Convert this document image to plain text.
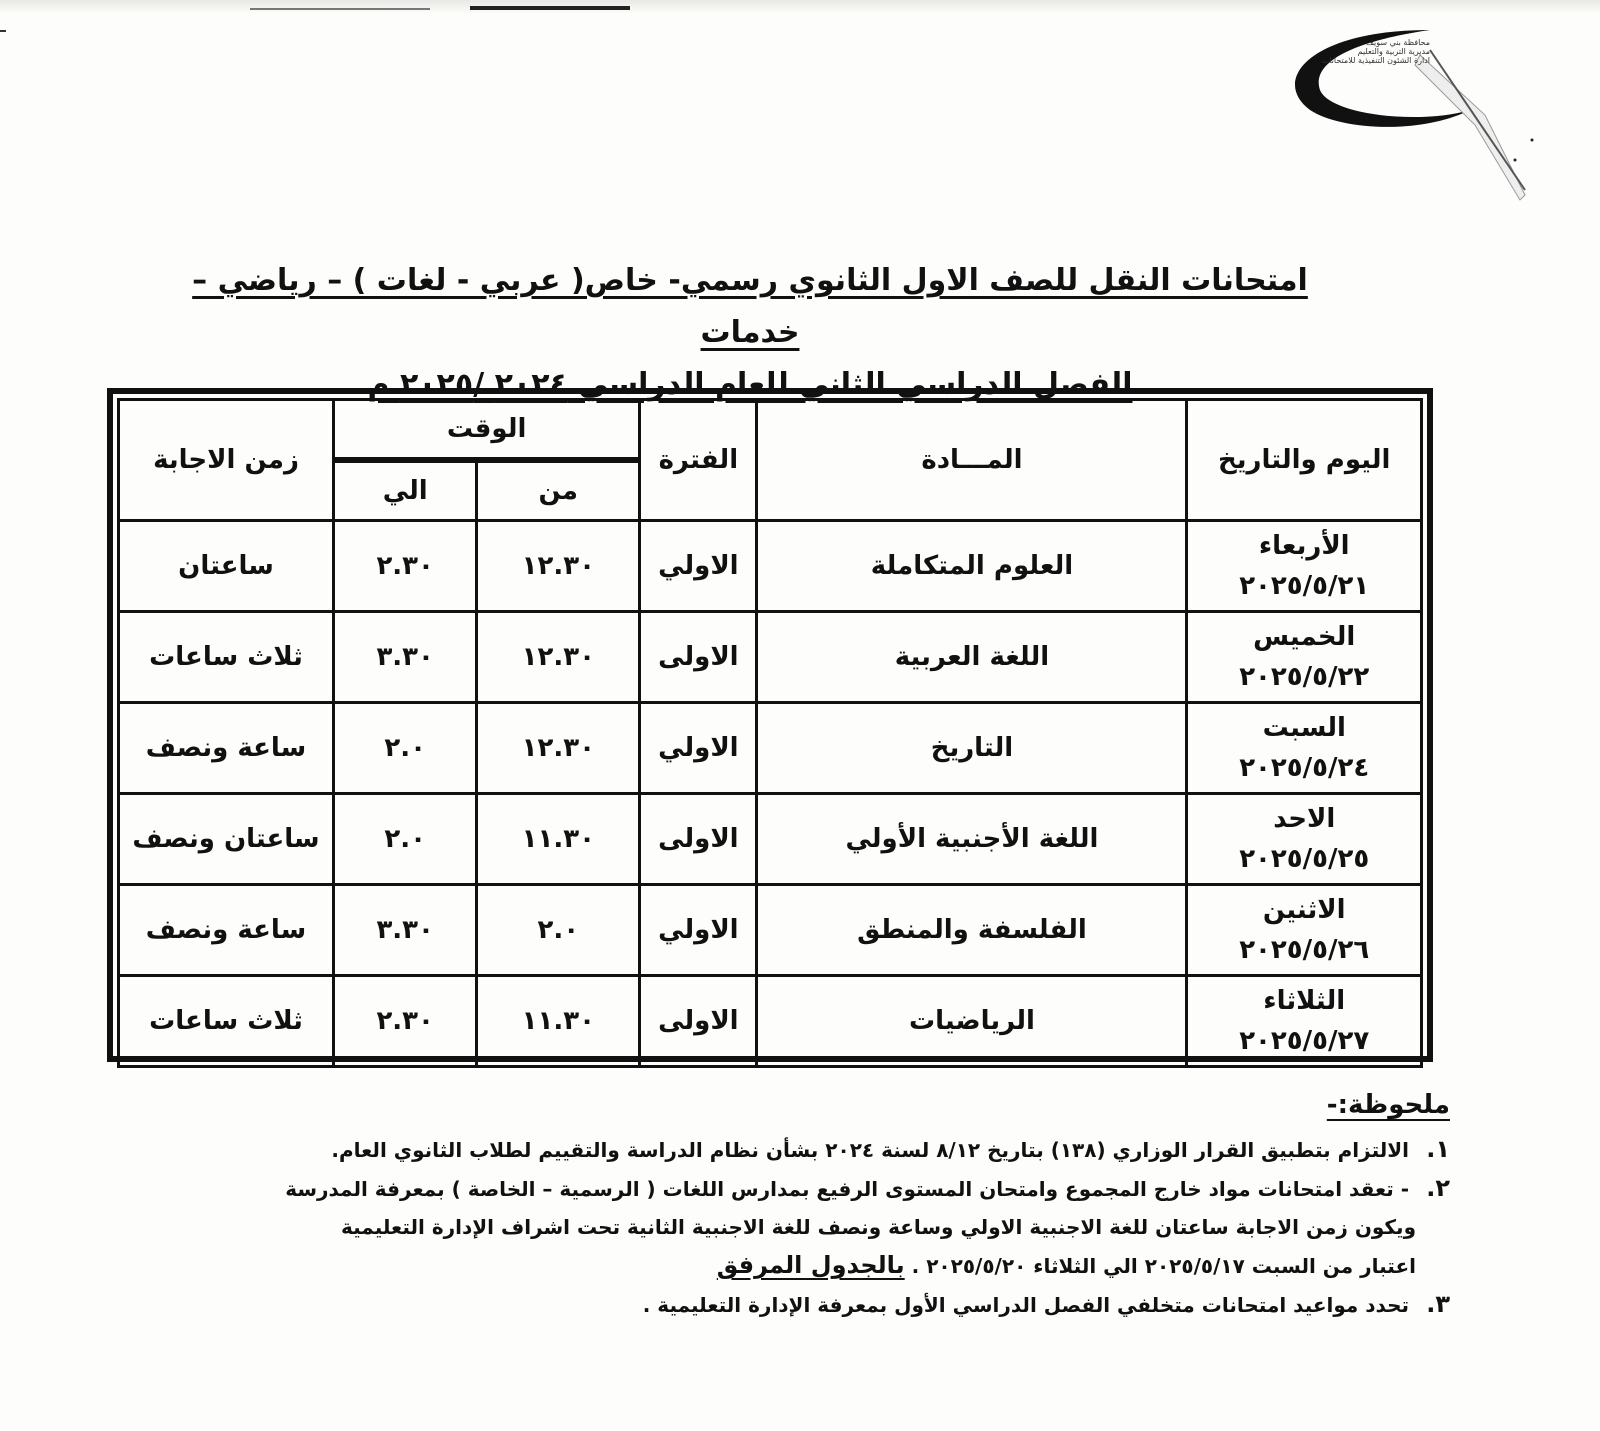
محافظة بني سويف
مديرية التربية والتعليم
ادارة الشئون التنفيذية للامتحانات

امتحانات النقل للصف الاول الثانوي رسمي- خاص( عربي - لغات ) – رياضي – خدمات

الفصل الدراسي الثاني للعام الدراسي ٢٠٢٤ /٢٠٢٥ م

اليوم والتاريخ	المـــادة	الفترة	الوقت		زمن الاجابة
			من	الي	

الأربعاء
٢٠٢٥/٥/٢١	العلوم المتكاملة	الاولي	١٢.٣٠	٢.٣٠	ساعتان

الخميس
٢٠٢٥/٥/٢٢	اللغة العربية	الاولى	١٢.٣٠	٣.٣٠	ثلاث ساعات

السبت
٢٠٢٥/٥/٢٤	التاريخ	الاولي	١٢.٣٠	٢.٠	ساعة ونصف

الاحد
٢٠٢٥/٥/٢٥	اللغة الأجنبية الأولي	الاولى	١١.٣٠	٢.٠	ساعتان ونصف

الاثنين
٢٠٢٥/٥/٢٦	الفلسفة والمنطق	الاولي	٢.٠	٣.٣٠	ساعة ونصف

الثلاثاء
٢٠٢٥/٥/٢٧	الرياضيات	الاولى	١١.٣٠	٢.٣٠	ثلاث ساعات

ملحوظة:-

١. الالتزام بتطبيق القرار الوزاري (١٣٨) بتاريخ ٨/١٢ لسنة ٢٠٢٤ بشأن نظام الدراسة والتقييم لطلاب الثانوي العام.

٢. - تعقد امتحانات مواد خارج المجموع وامتحان المستوى الرفيع بمدارس اللغات ( الرسمية – الخاصة ) بمعرفة المدرسة

ويكون زمن الاجابة ساعتان للغة الاجنبية الاولي وساعة ونصف للغة الاجنبية الثانية تحت اشراف الإدارة التعليمية

اعتبار من السبت ٢٠٢٥/٥/١٧ الي الثلاثاء ٢٠٢٥/٥/٢٠ . بالجدول المرفق

٣. تحدد مواعيد امتحانات متخلفي الفصل الدراسي الأول بمعرفة الإدارة التعليمية .
